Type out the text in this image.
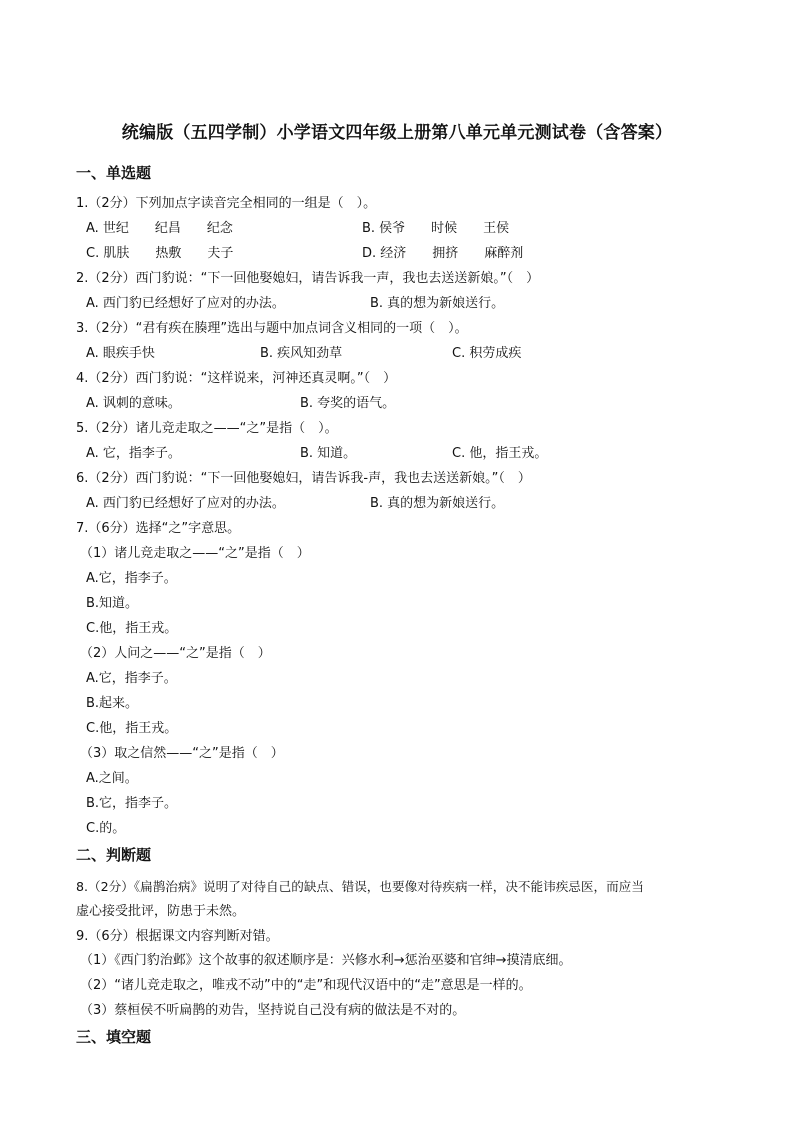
统编版（五四学制）小学语文四年级上册第八单元单元测试卷（含答案）
一、单选题
1.（2分）下列加点字读音完全相同的一组是（　）。
A. 世纪　　纪昌　　纪念	B. 侯爷　　时候　　王侯
C. 肌肤　　热敷　　夫子	D. 经济　　拥挤　　麻醉剂
2.（2分）西门豹说：“下一回他娶媳妇，请告诉我一声，我也去送送新娘。”（　）
A. 西门豹已经想好了应对的办法。	B. 真的想为新娘送行。
3.（2分）“君有疾在腠理”选出与题中加点词含义相同的一项（　）。
A. 眼疾手快	B. 疾风知劲草	C. 积劳成疾
4.（2分）西门豹说：“这样说来，河神还真灵啊。”（　）
A. 讽刺的意味。	B. 夸奖的语气。
5.（2分）诸儿竞走取之——“之”是指（　）。
A. 它，指李子。	B. 知道。	C. 他，指王戎。
6.（2分）西门豹说：“下一回他娶媳妇，请告诉我-声，我也去送送新娘。”（　）
A. 西门豹已经想好了应对的办法。	B. 真的想为新娘送行。
7.（6分）选择“之”字意思。
（1）诸儿竞走取之——“之”是指（　）
A.它，指李子。
B.知道。
C.他，指王戎。
（2）人问之——“之”是指（　）
A.它，指李子。
B.起来。
C.他，指王戎。
（3）取之信然——“之”是指（　）
A.之间。
B.它，指李子。
C.的。
二、判断题
8.（2分）《扁鹊治病》说明了对待自己的缺点、错误，也要像对待疾病一样，决不能讳疾忌医，而应当
虚心接受批评，防患于未然。
9.（6分）根据课文内容判断对错。
（1）《西门豹治邺》这个故事的叙述顺序是：兴修水利→惩治巫婆和官绅→摸清底细。
（2）“诸儿竞走取之，唯戎不动”中的“走”和现代汉语中的“走”意思是一样的。
（3）蔡桓侯不听扁鹊的劝告，坚持说自己没有病的做法是不对的。
三、填空题
